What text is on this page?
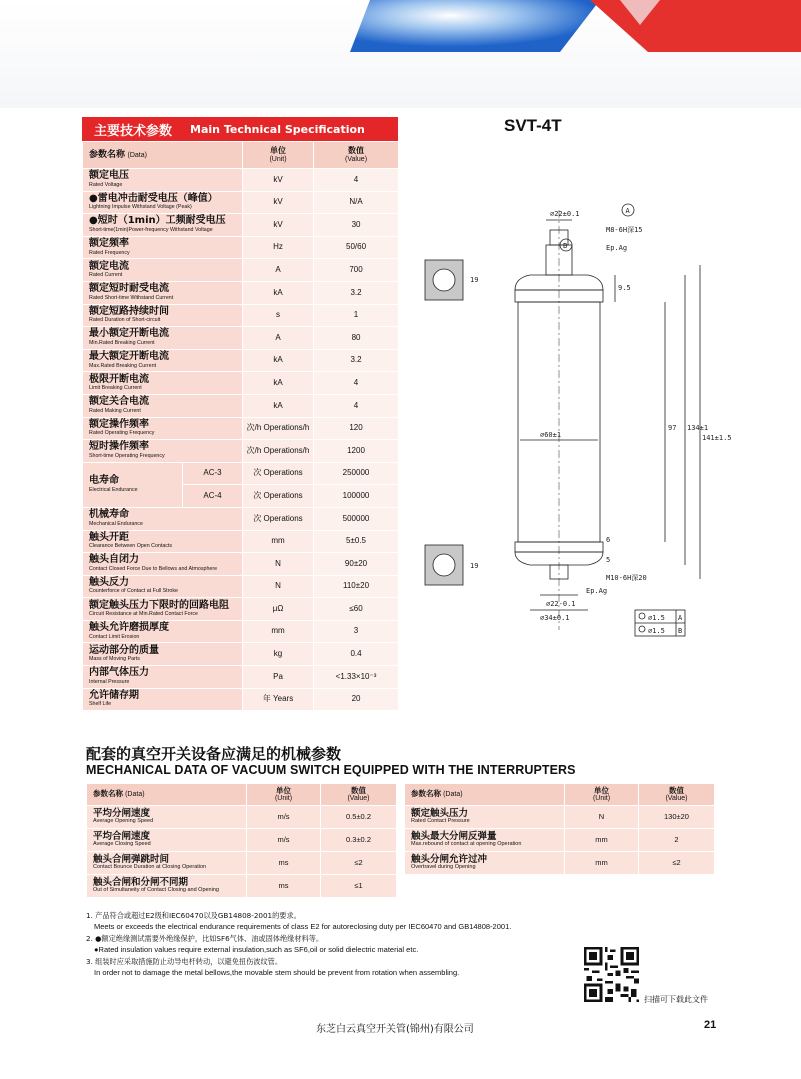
主要技术参数 Main Technical Specification	SVT-4T
参数名称 (Data)		单位
(Unit)	数值
(Value)

额定电压
Rated Voltage		kV	4

●雷电冲击耐受电压（峰值）
Lightning Impulse Withstand Voltage (Peak)		kV	N/A

●短时（1min）工频耐受电压
Short-time(1min)Power-frequency Withstand Voltage		kV	30

额定频率
Rated Frequency		Hz	50/60

额定电流
Rated Current		A	700

额定短时耐受电流
Rated Short-time Withstand Current		kA	3.2

额定短路持续时间
Rated Duration of Short-circuit		s	1

最小额定开断电流
Min.Rated Breaking Current		A	80

最大额定开断电流
Max.Rated Breaking Current		kA	3.2

极限开断电流
Limit Breaking Current		kA	4

额定关合电流
Rated Making Current		kA	4

额定操作频率
Rated Operating Frequency		次/h Operations/h	120

短时操作频率
Short-time Operating Frequency		次/h Operations/h	1200

电寿命
Electrical Endurance	AC-3	次 Operations	250000
	AC-4	次 Operations	100000

机械寿命
Mechanical Endurance		次 Operations	500000

触头开距
Clearance Between Open Contacts		mm	5±0.5

触头自闭力
Contact Closed Force Due to Bellows and Atmosphere		N	90±20

触头反力
Counterforce of Contact at Full Stroke		N	110±20

额定触头压力下限时的回路电阻
Circuit Resistance at Min.Rated Contact Force		μΩ	≤60

触头允许磨损厚度
Contact Limit Erosion		mm	3

运动部分的质量
Mass of Moving Parts		kg	0.4

内部气体压力
Internal Pressure		Pa	<1.33×10⁻³

允许储存期
Shelf Life		年 Years	20
⌀22±0.1	A
M8-6H深15
B	Ep.Ag
19
9.5
⌀60±1
97 134±1
141±1.5
6
5
19
M10-6H深20
Ep.Ag
⌀22-0.1
⌀34±0.1	⌀1.5 A
⌀1.5 B
配套的真空开关设备应满足的机械参数
MECHANICAL DATA OF VACUUM SWITCH EQUIPPED WITH THE INTERRUPTERS
参数名称 (Data)	单位
(Unit)	数值
(Value)

平均分闸速度
Average Opening Speed	m/s	0.5±0.2

平均合闸速度
Average Closing Speed	m/s	0.3±0.2

触头合闸弹跳时间
Contact Bounce Duration at Closing Operation	ms	≤2

触头合闸和分闸不同期
Out of Simultaneity of Contact Closing and Opening	ms	≤1
参数名称 (Data)	单位
(Unit)	数值
(Value)

额定触头压力
Rated Contact Pressure	N	130±20

触头最大分闸反弹量
Max.rebound of contact at opening Operation	mm	2

触头分闸允许过冲
Overtravel during Opening	mm	≤2
1. 产品符合或超过E2级和IEC60470以及GB14808-2001的要求。
Meets or exceeds the electrical endurance requirements of class E2 for autoreclosing duty per IEC60470 and GB14808-2001.
2. ●额定绝缘测试需要外绝缘保护，比如SF6气体、油或固体绝缘材料等。
●Rated insulation values require external insulation,such as SF6,oil or solid dielectric material etc.
3. 组装时应采取措施防止动导电杆转动，以避免扭伤波纹管。
In order not to damage the metal bellows,the movable stem should be prevent from rotation when assembling.
扫描可下载此文件
东芝白云真空开关管(锦州)有限公司	21
